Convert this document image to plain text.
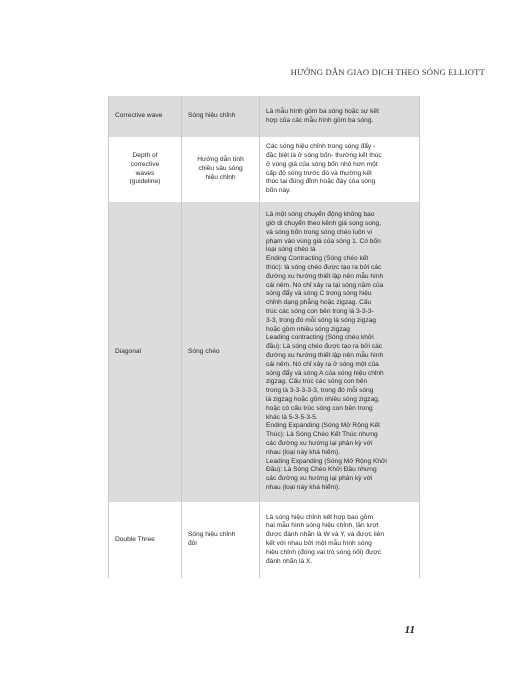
HƯỚNG DẪN GIAO DỊCH THEO SÓNG ELLIOTT
Corrective wave	Sóng hiệu chỉnh
Là mẫu hình gồm ba sóng hoặc sự kết
hợp của các mẫu hình gồm ba sóng.
Depth of
corrective
waves
(guideline)
Hướng dẫn tính
chiều sâu sóng
hiệu chỉnh
Các sóng hiệu chỉnh trong sóng đẩy -
đặc biệt là ở sóng bốn- thường kết thúc
ở vùng giá của sóng bốn nhỏ hơn một
cấp độ sóng trước đó và thường kết
thúc tại đúng đỉnh hoặc đáy của sóng
bốn này.
Diagonal	Sóng chéo
Là một sóng chuyển động không bao
giờ di chuyển theo kênh giá song song,
và sóng bốn trong sóng chéo luôn vi
phạm vào vùng giá của sóng 1. Có bốn
loại sóng chéo là
Ending Contracting (Sóng chéo kết
thúc): là sóng chéo được tạo ra bởi các
đường xu hướng thiết lập nên mẫu hình
cái nêm. Nó chỉ xảy ra tại sóng năm của
sóng đẩy và sóng C trong sóng hiệu
chỉnh dạng phẳng hoặc zigzag. Cấu
trúc các sóng con bên trong là 3-3-3-
3-3, trong đó mỗi sóng là sóng zigzag
hoặc gồm nhiều sóng zigzag
Leading contracting (Sóng chéo khởi
đầu): Là sóng chéo được tạo ra bởi các
đường xu hướng thiết lập nên mẫu hình
cái nêm. Nó chỉ xảy ra ở sóng một của
sóng đẩy và sóng A của sóng hiệu chỉnh
zigzag. Cấu trúc các sóng con bên
trong là 3-3-3-3-3, trong đó mỗi sóng
là zigzag hoặc gồm nhiều sóng zigzag,
hoặc có cấu trúc sóng con bên trong
khác là 5-3-5-3-5.
Ending Expanding (Sóng Mở Rộng Kết
Thúc): Là Sóng Chéo Kết Thúc nhưng
các đường xu hướng lại phân kỳ với
nhau (loại này khá hiếm).
Leading Expanding (Sóng Mở Rộng Khởi
Đầu): Là Sóng Chéo Khởi Đầu nhưng
các đường xu hướng lại phân kỳ với
nhau (loại này khá hiếm).
Double Three
Sóng hiệu chỉnh
đôi
Là sóng hiệu chỉnh kết hợp bao gồm
hai mẫu hình sóng hiệu chỉnh, lần lượt
được đánh nhãn là W và Y, và được liên
kết với nhau bởi một mẫu hình sóng
hiệu chỉnh (đóng vai trò sóng nối) được
đánh nhãn là X.
11
